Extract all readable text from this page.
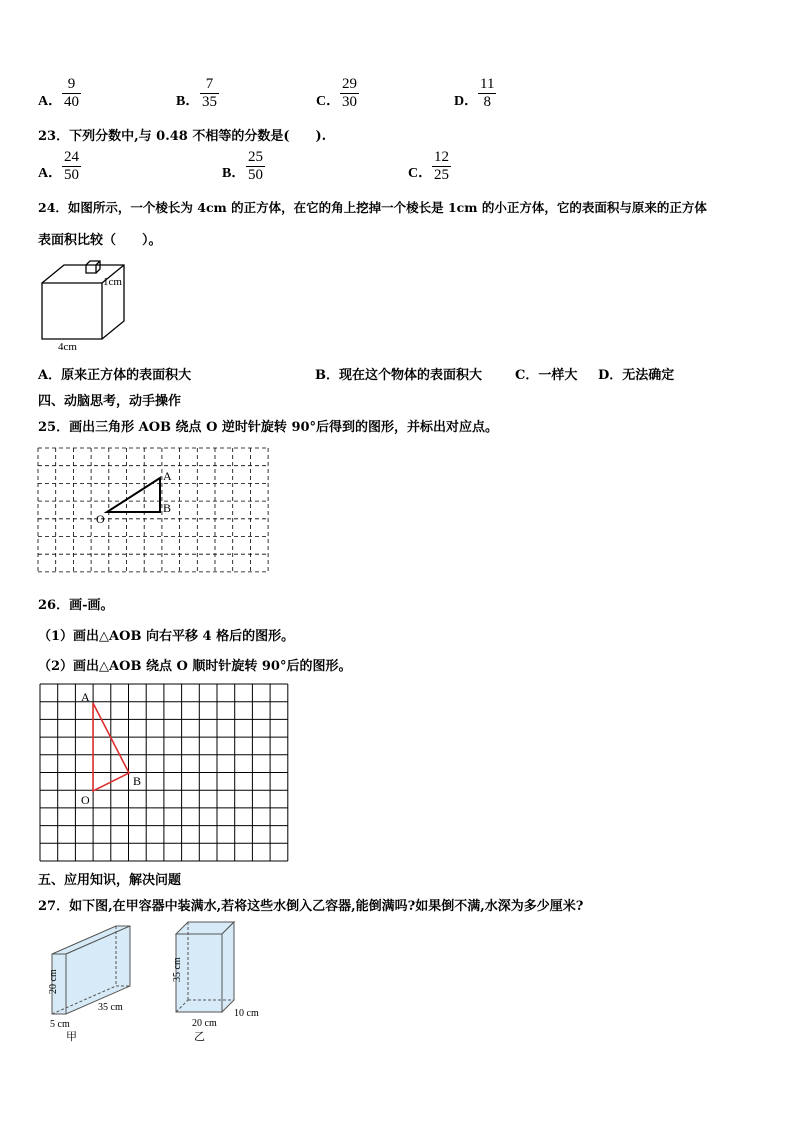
A． $\frac{9}{40}$	B． $\frac{7}{35}$	C． $\frac{29}{30}$	D． $\frac{11}{8}$
23．下列分数中,与 0.48 不相等的分数是(　　).
A． $\frac{24}{50}$	B． $\frac{25}{50}$	C． $\frac{12}{25}$
24．如图所示，一个棱长为 4cm 的正方体，在它的角上挖掉一个棱长是 1cm 的小正方体，它的表面积与原来的正方体
表面积比较（　　）。
1cm
4cm
A．原来正方体的表面积大	B．现在这个物体的表面积大	C．一样大 D．无法确定
四、动脑思考，动手操作
25．画出三角形 AOB 绕点 O 逆时针旋转 90°后得到的图形，并标出对应点。
O
A
B
26．画-画。
（1）画出△AOB 向右平移 4 格后的图形。
（2）画出△AOB 绕点 O 顺时针旋转 90°后的图形。
A
B
O
五、应用知识，解决问题
27．如下图,在甲容器中装满水,若将这些水倒入乙容器,能倒满吗?如果倒不满,水深为多少厘米?
20 cm
35 cm
5 cm
甲
35 cm
20 cm
10 cm
乙
